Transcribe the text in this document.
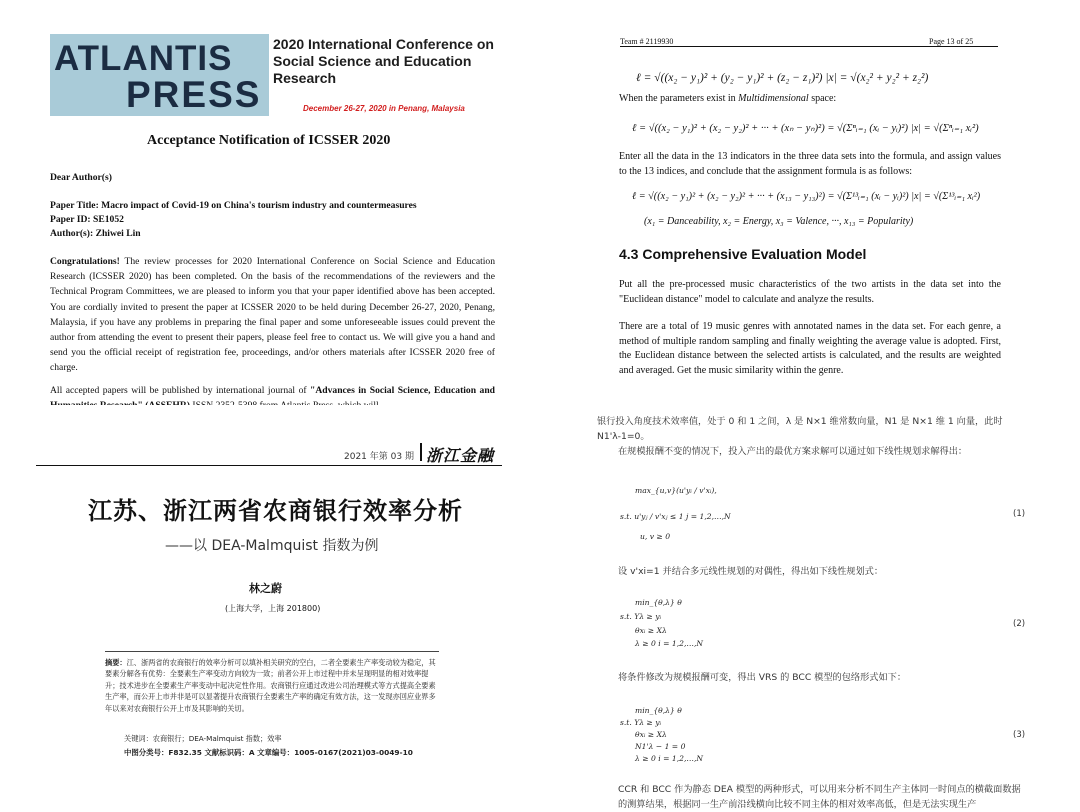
ATLANTIS
PRESS
2020 International Conference on Social Science and Education Research
December 26-27, 2020 in Penang, Malaysia
Acceptance Notification of ICSSER 2020
Dear Author(s)
Paper Title: Macro impact of Covid-19 on China's tourism industry and countermeasures
Paper ID: SE1052
Author(s): Zhiwei Lin
Congratulations! The review processes for 2020 International Conference on Social Science and Education Research (ICSSER 2020) has been completed. On the basis of the recommendations of the reviewers and the Technical Program Committees, we are pleased to inform you that your paper identified above has been accepted. You are cordially invited to present the paper at ICSSER 2020 to be held during December 26-27, 2020, Penang, Malaysia, if you have any problems in preparing the final paper and some unforeseeable issues could prevent the author from attending the event to present their papers, please feel free to contact us. We will give you a hand and send you the official receipt of registration fee, proceedings, and/or others materials after ICSSER 2020 free of charge.
All accepted papers will be published by international journal of "Advances in Social Science, Education and
Team # 2119930	Page 13 of 25
ℓ = √((x₂ − y₁)² + (y₂ − y₁)² + (z₂ − z₁)²) |x| = √(x₂² + y₂² + z₂²)
When the parameters exist in Multidimensional space:
ℓ = √((x₂ − y₁)² + (x₂ − y₂)² + ··· + (xₙ − yₙ)²) = √(Σⁿᵢ₌₁ (xᵢ − yᵢ)²) |x| = √(Σⁿᵢ₌₁ xᵢ²)
Enter all the data in the 13 indicators in the three data sets into the formula, and assign values to the 13 indices, and conclude that the assignment formula is as follows:
ℓ = √((x₂ − y₁)² + (x₂ − y₂)² + ··· + (x₁₃ − y₁₃)²) = √(Σ¹³ᵢ₌₁ (xᵢ − yᵢ)²) |x| = √(Σ¹³ᵢ₌₁ xᵢ²)
(x₁ = Danceability, x₂ = Energy, x₃ = Valence, ···, x₁₃ = Popularity)
4.3 Comprehensive Evaluation Model
Put all the pre-processed music characteristics of the two artists in the data set into the "Euclidean distance" model to calculate and analyze the results.
There are a total of 19 music genres with annotated names in the data set. For each genre, a method of multiple random sampling and finally weighting the average value is adopted. First, the Euclidean distance between the selected artists is calculated, and the results are weighted and averaged. Get the music similarity within the genre.
2021 年第 03 期 浙江金融
江苏、浙江两省农商银行效率分析
——以 DEA-Malmquist 指数为例
林之蔚
(上海大学，上海 201800)
摘要：江、浙两省的农商银行的效率分析可以填补相关研究的空白，二者全要素生产率变动较为稳定，其要素分解各有优势：全要素生产率变动方向较为一致；前者公开上市过程中并未呈现明显的相对效率提升；技术进步在全要素生产率变动中起决定性作用。农商银行应通过改进公司治理模式等方式提高全要素生产率，而公开上市并非是可以显著提升农商银行全要素生产率的确定有效方法，这一发现亦回应业界多年以来对农商银行公开上市及其影响的关切。
关键词：农商银行；DEA-Malmquist 指数；效率
中图分类号：F832.35 文献标识码：A 文章编号：1005-0167(2021)03-0049-10
银行投入角度技术效率值，处于 0 和 1 之间，λ 是 N×1 维常数向量，N1 是 N×1 维 1 向量，此时 N1'λ-1=0。
在规模报酬不变的情况下，投入产出的最优方案求解可以通过如下线性规划求解得出：
max_{u,v}(u'yᵢ / v'xᵢ),
s.t. u'yⱼ / v'xⱼ ≤ 1 j = 1,2,…,N
u, v ≥ 0
(1)
设 v'xi=1 并结合多元线性规划的对偶性，得出如下线性规划式：
min_{θ,λ} θ
s.t. Yλ ≥ yᵢ
θxᵢ ≥ Xλ
λ ≥ 0 i = 1,2,…,N
(2)
将条件修改为规模报酬可变，得出 VRS 的 BCC 模型的包络形式如下：
min_{θ,λ} θ
s.t. Yλ ≥ yᵢ
θxᵢ ≥ Xλ
N1'λ − 1 = 0
λ ≥ 0 i = 1,2,…,N
(3)
CCR 和 BCC 作为静态 DEA 模型的两种形式，可以用来分析不同生产主体同一时间点的横截面数据的测算结果，根据同一生产前沿线横向比较不同主体的相对效率高低，但是无法实现生产
